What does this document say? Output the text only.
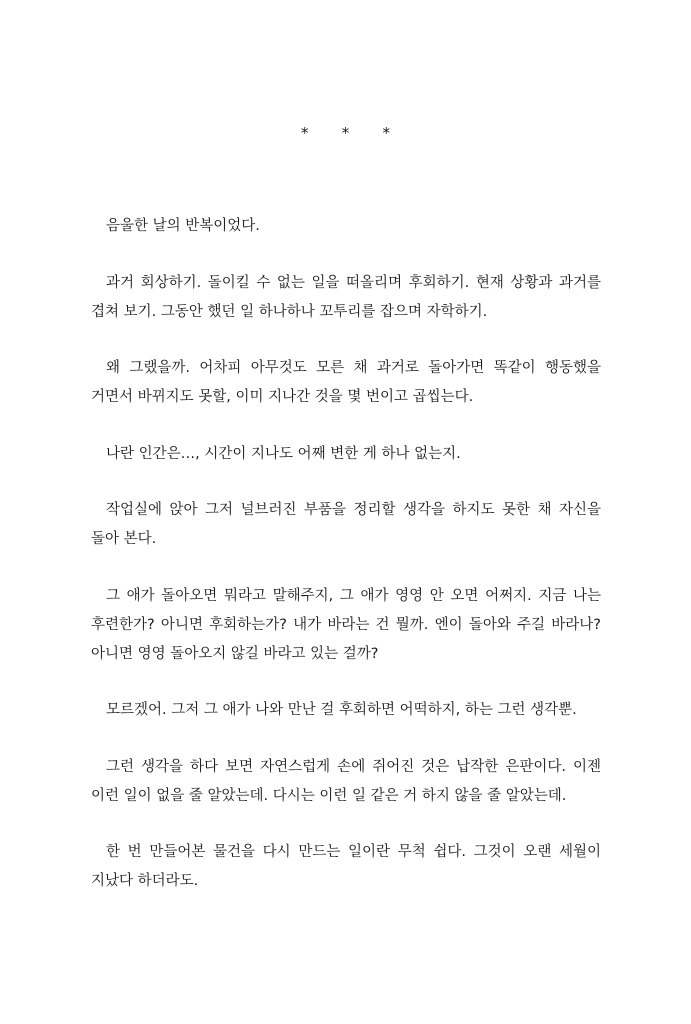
* * *

음울한 날의 반복이었다.

과거 회상하기. 돌이킬 수 없는 일을 떠올리며 후회하기. 현재 상황과 과거를 겹쳐 보기. 그동안 했던 일 하나하나 꼬투리를 잡으며 자학하기.

왜 그랬을까. 어차피 아무것도 모른 채 과거로 돌아가면 똑같이 행동했을 거면서 바뀌지도 못할, 이미 지나간 것을 몇 번이고 곱씹는다.

나란 인간은…, 시간이 지나도 어째 변한 게 하나 없는지.

작업실에 앉아 그저 널브러진 부품을 정리할 생각을 하지도 못한 채 자신을 돌아 본다.

그 애가 돌아오면 뭐라고 말해주지, 그 애가 영영 안 오면 어쩌지. 지금 나는 후련한가? 아니면 후회하는가? 내가 바라는 건 뭘까. 엔이 돌아와 주길 바라나? 아니면 영영 돌아오지 않길 바라고 있는 걸까?

모르겠어. 그저 그 애가 나와 만난 걸 후회하면 어떡하지, 하는 그런 생각뿐.

그런 생각을 하다 보면 자연스럽게 손에 쥐어진 것은 납작한 은판이다. 이젠 이런 일이 없을 줄 알았는데. 다시는 이런 일 같은 거 하지 않을 줄 알았는데.

한 번 만들어본 물건을 다시 만드는 일이란 무척 쉽다. 그것이 오랜 세월이 지났다 하더라도.
